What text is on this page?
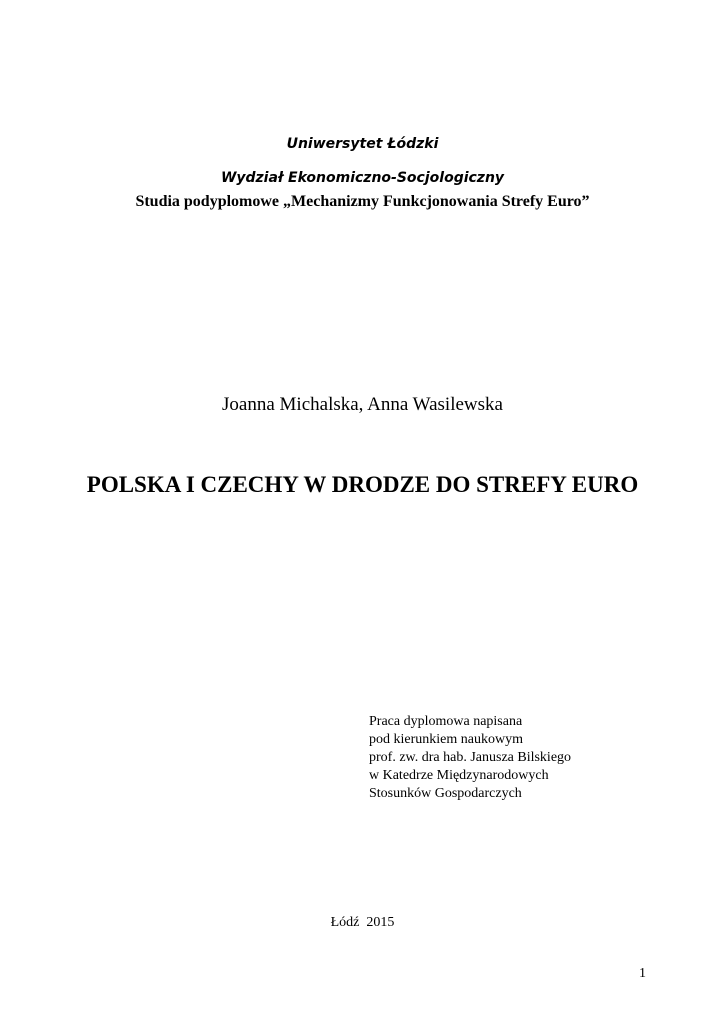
Uniwersytet Łódzki
Wydział Ekonomiczno-Socjologiczny
Studia podyplomowe „Mechanizmy Funkcjonowania Strefy Euro”
Joanna Michalska, Anna Wasilewska
POLSKA I CZECHY W DRODZE DO STREFY EURO
Praca dyplomowa napisana
pod kierunkiem naukowym
prof. zw. dra hab. Janusza Bilskiego
w Katedrze Międzynarodowych
Stosunków Gospodarczych
Łódź  2015
1
